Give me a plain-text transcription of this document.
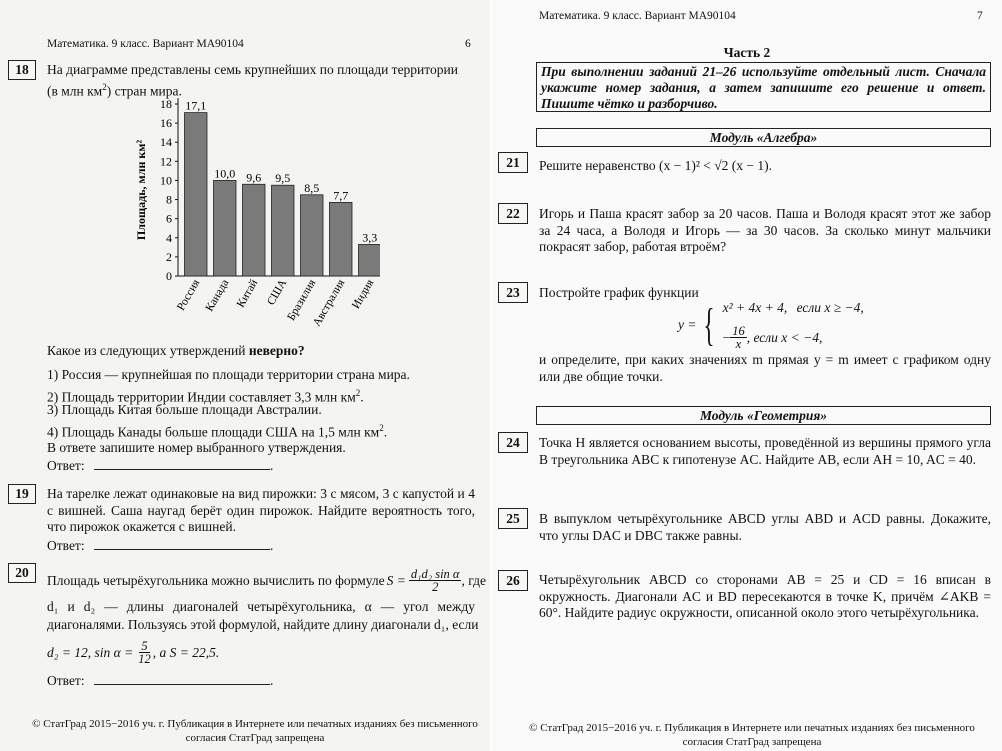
Математика. 9 класс. Вариант МА90104	6
18	На диаграмме представлены семь крупнейших по площади территории
(в млн $км^2$) стран мира.
0
2
4
6
8
10
12
14
16
18
Площадь, млн км²
17,1
Россия
10,0
Канада
9,6
Китай
9,5
США
8,5
Бразилия
7,7
Австралия
3,3
Индия
Какое из следующих утверждений неверно?
1) Россия — крупнейшая по площади территории страна мира.
2) Площадь территории Индии составляет 3,3 млн $км^2$.
3) Площадь Китая больше площади Австралии.
4) Площадь Канады больше площади США на 1,5 млн $км^2$.
В ответе запишите номер выбранного утверждения.
Ответ:	.
19	На тарелке лежат одинаковые на вид пирожки: 3 с мясом, 3 с капустой и 4 с вишней. Саша наугад берёт один пирожок. Найдите вероятность того, что пирожок окажется с вишней.
Ответ:	.
20	Площадь четырёхугольника можно вычислить по формуле $S = \frac{\text{d₁d₂ sin α}}{2}$ , где
d₁ и d₂ — длины диагоналей четырёхугольника, α — угол между
диагоналями. Пользуясь этой формулой, найдите длину диагонали d₁, если
d₂ = 12, $\sin \alpha = \frac{5}{12}$ , а S = 22,5.
Ответ:	.
© СтатГрад 2015−2016 уч. г. Публикация в Интернете или печатных изданиях без письменного
согласия СтатГрад запрещена
Математика. 9 класс. Вариант МА90104	7
Часть 2
При выполнении заданий 21–26 используйте отдельный лист. Сначала укажите номер задания, а затем запишите его решение и ответ. Пишите чётко и разборчиво.
Модуль «Алгебра»
21	Решите неравенство (x − 1)² < √2 (x − 1).
22	Игорь и Паша красят забор за 20 часов. Паша и Володя красят этот же забор за 24 часа, а Володя и Игорь — за 30 часов. За сколько минут мальчики покрасят забор, работая втроём?
23	Постройте график функции
y = { x² + 4x + 4, если x ≥ −4,
− $\frac{16}{x}$ , если x < −4,
и определите, при каких значениях m прямая y = m имеет с графиком одну или две общие точки.
Модуль «Геометрия»
24	Точка H является основанием высоты, проведённой из вершины прямого угла B треугольника ABC к гипотенузе AC. Найдите AB, если AH = 10, AC = 40.
25	В выпуклом четырёхугольнике ABCD углы ABD и ACD равны. Докажите, что углы DAC и DBC также равны.
26	Четырёхугольник ABCD со сторонами AB = 25 и CD = 16 вписан в окружность. Диагонали AC и BD пересекаются в точке K, причём ∠AKB = 60°. Найдите радиус окружности, описанной около этого четырёхугольника.
© СтатГрад 2015−2016 уч. г. Публикация в Интернете или печатных изданиях без письменного
согласия СтатГрад запрещена
